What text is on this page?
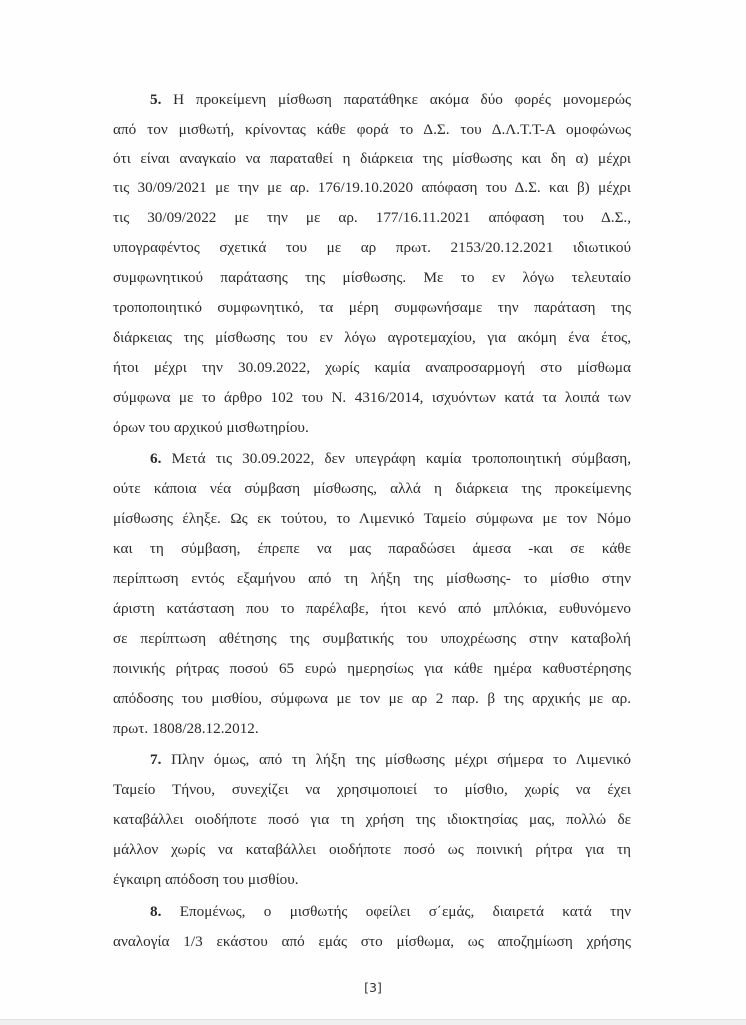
5. Η προκείμενη μίσθωση παρατάθηκε ακόμα δύο φορές μονομερώς
από τον μισθωτή, κρίνοντας κάθε φορά το Δ.Σ. του Δ.Λ.Τ.Τ-Α ομοφώνως
ότι είναι αναγκαίο να παραταθεί η διάρκεια της μίσθωσης και δη α) μέχρι
τις 30/09/2021 με την με αρ. 176/19.10.2020 απόφαση του Δ.Σ. και β) μέχρι
τις 30/09/2022 με την με αρ. 177/16.11.2021 απόφαση του Δ.Σ.,
υπογραφέντος σχετικά του με αρ πρωτ. 2153/20.12.2021 ιδιωτικού
συμφωνητικού παράτασης της μίσθωσης. Με το εν λόγω τελευταίο
τροποποιητικό συμφωνητικό, τα μέρη συμφωνήσαμε την παράταση της
διάρκειας της μίσθωσης του εν λόγω αγροτεμαχίου, για ακόμη ένα έτος,
ήτοι μέχρι την 30.09.2022, χωρίς καμία αναπροσαρμογή στο μίσθωμα
σύμφωνα με το άρθρο 102 του Ν. 4316/2014, ισχυόντων κατά τα λοιπά των
όρων του αρχικού μισθωτηρίου.
6. Μετά τις 30.09.2022, δεν υπεγράφη καμία τροποποιητική σύμβαση,
ούτε κάποια νέα σύμβαση μίσθωσης, αλλά η διάρκεια της προκείμενης
μίσθωσης έληξε. Ως εκ τούτου, το Λιμενικό Ταμείο σύμφωνα με τον Νόμο
και τη σύμβαση, έπρεπε να μας παραδώσει άμεσα -και σε κάθε
περίπτωση εντός εξαμήνου από τη λήξη της μίσθωσης- το μίσθιο στην
άριστη κατάσταση που το παρέλαβε, ήτοι κενό από μπλόκια, ευθυνόμενο
σε περίπτωση αθέτησης της συμβατικής του υποχρέωσης στην καταβολή
ποινικής ρήτρας ποσού 65 ευρώ ημερησίως για κάθε ημέρα καθυστέρησης
απόδοσης του μισθίου, σύμφωνα με τον με αρ 2 παρ. β της αρχικής με αρ.
πρωτ. 1808/28.12.2012.
7. Πλην όμως, από τη λήξη της μίσθωσης μέχρι σήμερα το Λιμενικό
Ταμείο Τήνου, συνεχίζει να χρησιμοποιεί το μίσθιο, χωρίς να έχει
καταβάλλει οιοδήποτε ποσό για τη χρήση της ιδιοκτησίας μας, πολλώ δε
μάλλον χωρίς να καταβάλλει οιοδήποτε ποσό ως ποινική ρήτρα για τη
έγκαιρη απόδοση του μισθίου.
8. Επομένως, ο μισθωτής οφείλει σ΄εμάς, διαιρετά κατά την
αναλογία 1/3 εκάστου από εμάς στο μίσθωμα, ως αποζημίωση χρήσης
[3]
